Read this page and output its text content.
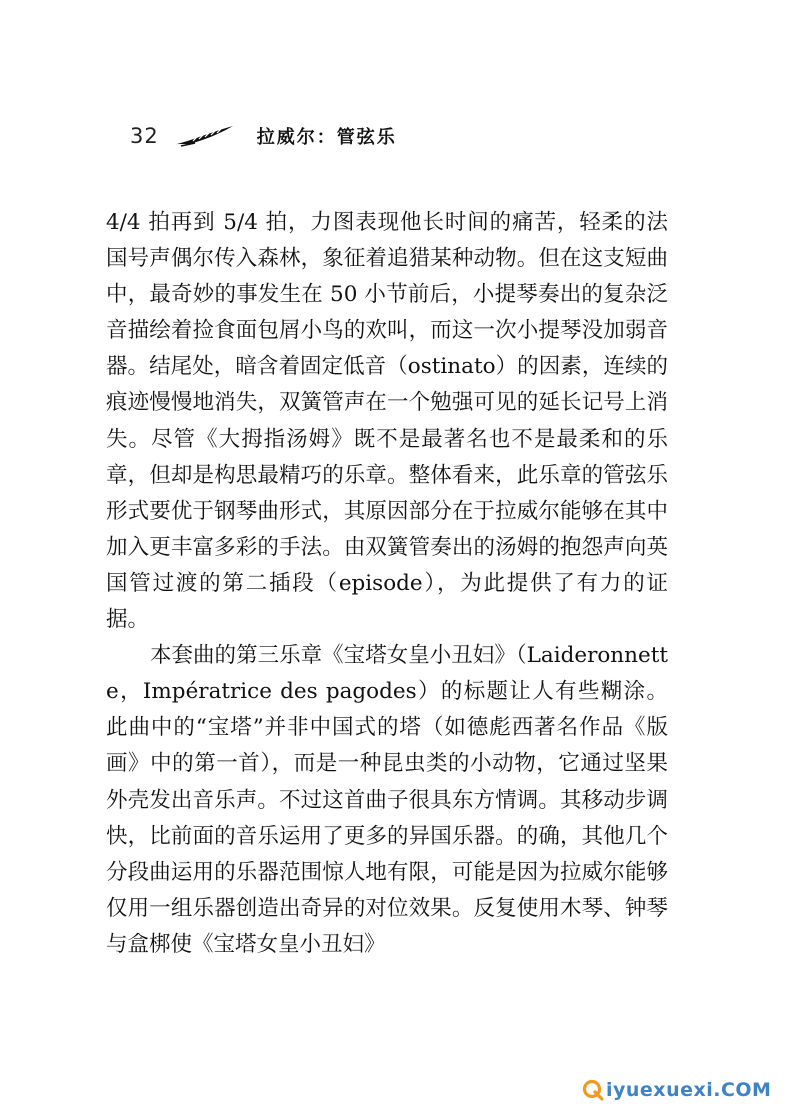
32	拉威尔：管弦乐

4/4 拍再到 5/4 拍，力图表现他长时间的痛苦，轻柔的法国号声偶尔传入森林，象征着追猎某种动物。但在这支短曲中，最奇妙的事发生在 50 小节前后，小提琴奏出的复杂泛音描绘着捡食面包屑小鸟的欢叫，而这一次小提琴没加弱音器。结尾处，暗含着固定低音（ostinato）的因素，连续的痕迹慢慢地消失，双簧管声在一个勉强可见的延长记号上消失。尽管《大拇指汤姆》既不是最著名也不是最柔和的乐章，但却是构思最精巧的乐章。整体看来，此乐章的管弦乐形式要优于钢琴曲形式，其原因部分在于拉威尔能够在其中加入更丰富多彩的手法。由双簧管奏出的汤姆的抱怨声向英国管过渡的第二插段（episode），为此提供了有力的证据。

本套曲的第三乐章《宝塔女皇小丑妇》（Laideronnette，Impératrice des pagodes）的标题让人有些糊涂。此曲中的“宝塔”并非中国式的塔（如德彪西著名作品《版画》中的第一首），而是一种昆虫类的小动物，它通过坚果外壳发出音乐声。不过这首曲子很具东方情调。其移动步调快，比前面的音乐运用了更多的异国乐器。的确，其他几个分段曲运用的乐器范围惊人地有限，可能是因为拉威尔能够仅用一组乐器创造出奇异的对位效果。反复使用木琴、钟琴与盒梆使《宝塔女皇小丑妇》

iyuexuexi.COM
